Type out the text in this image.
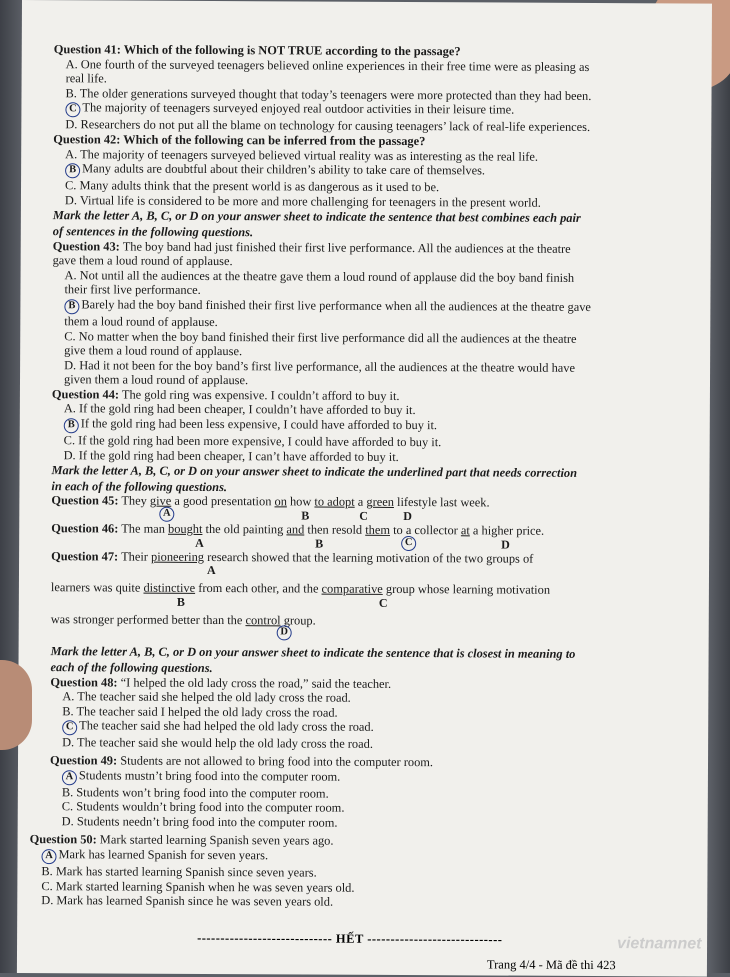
Question 41: Which of the following is NOT TRUE according to the passage?
A. One fourth of the surveyed teenagers believed online experiences in their free time were as pleasing as
real life.
B. The older generations surveyed thought that today’s teenagers were more protected than they had been.
C The majority of teenagers surveyed enjoyed real outdoor activities in their leisure time.
D. Researchers do not put all the blame on technology for causing teenagers’ lack of real-life experiences.
Question 42: Which of the following can be inferred from the passage?
A. The majority of teenagers surveyed believed virtual reality was as interesting as the real life.
B Many adults are doubtful about their children’s ability to take care of themselves.
C. Many adults think that the present world is as dangerous as it used to be.
D. Virtual life is considered to be more and more challenging for teenagers in the present world.
Mark the letter A, B, C, or D on your answer sheet to indicate the sentence that best combines each pair
of sentences in the following questions.
Question 43: The boy band had just finished their first live performance. All the audiences at the theatre
gave them a loud round of applause.
A. Not until all the audiences at the theatre gave them a loud round of applause did the boy band finish
their first live performance.
B Barely had the boy band finished their first live performance when all the audiences at the theatre gave
them a loud round of applause.
C. No matter when the boy band finished their first live performance did all the audiences at the theatre
give them a loud round of applause.
D. Had it not been for the boy band’s first live performance, all the audiences at the theatre would have
given them a loud round of applause.
Question 44: The gold ring was expensive. I couldn’t afford to buy it.
A. If the gold ring had been cheaper, I couldn’t have afforded to buy it.
B If the gold ring had been less expensive, I could have afforded to buy it.
C. If the gold ring had been more expensive, I could have afforded to buy it.
D. If the gold ring had been cheaper, I can’t have afforded to buy it.
Mark the letter A, B, C, or D on your answer sheet to indicate the underlined part that needs correction
in each of the following questions.
Question 45: They give a good presentation on how to adopt a green lifestyle last week.
A	B	C	D
Question 46: The man bought the old painting and then resold them to a collector at a higher price.
A	B	C	D
Question 47: Their pioneering research showed that the learning motivation of the two groups of
A
learners was quite distinctive from each other, and the comparative group whose learning motivation
B	C
was stronger performed better than the control group.
D
Mark the letter A, B, C, or D on your answer sheet to indicate the sentence that is closest in meaning to
each of the following questions.
Question 48: “I helped the old lady cross the road,” said the teacher.
A. The teacher said she helped the old lady cross the road.
B. The teacher said I helped the old lady cross the road.
C The teacher said she had helped the old lady cross the road.
D. The teacher said she would help the old lady cross the road.
Question 49: Students are not allowed to bring food into the computer room.
A Students mustn’t bring food into the computer room.
B. Students won’t bring food into the computer room.
C. Students wouldn’t bring food into the computer room.
D. Students needn’t bring food into the computer room.
Question 50: Mark started learning Spanish seven years ago.
A Mark has learned Spanish for seven years.
B. Mark has started learning Spanish since seven years.
C. Mark started learning Spanish when he was seven years old.
D. Mark has learned Spanish since he was seven years old.
----------------------------- HẾT -----------------------------
Trang 4/4 - Mã đề thi 423
vietnamnet
